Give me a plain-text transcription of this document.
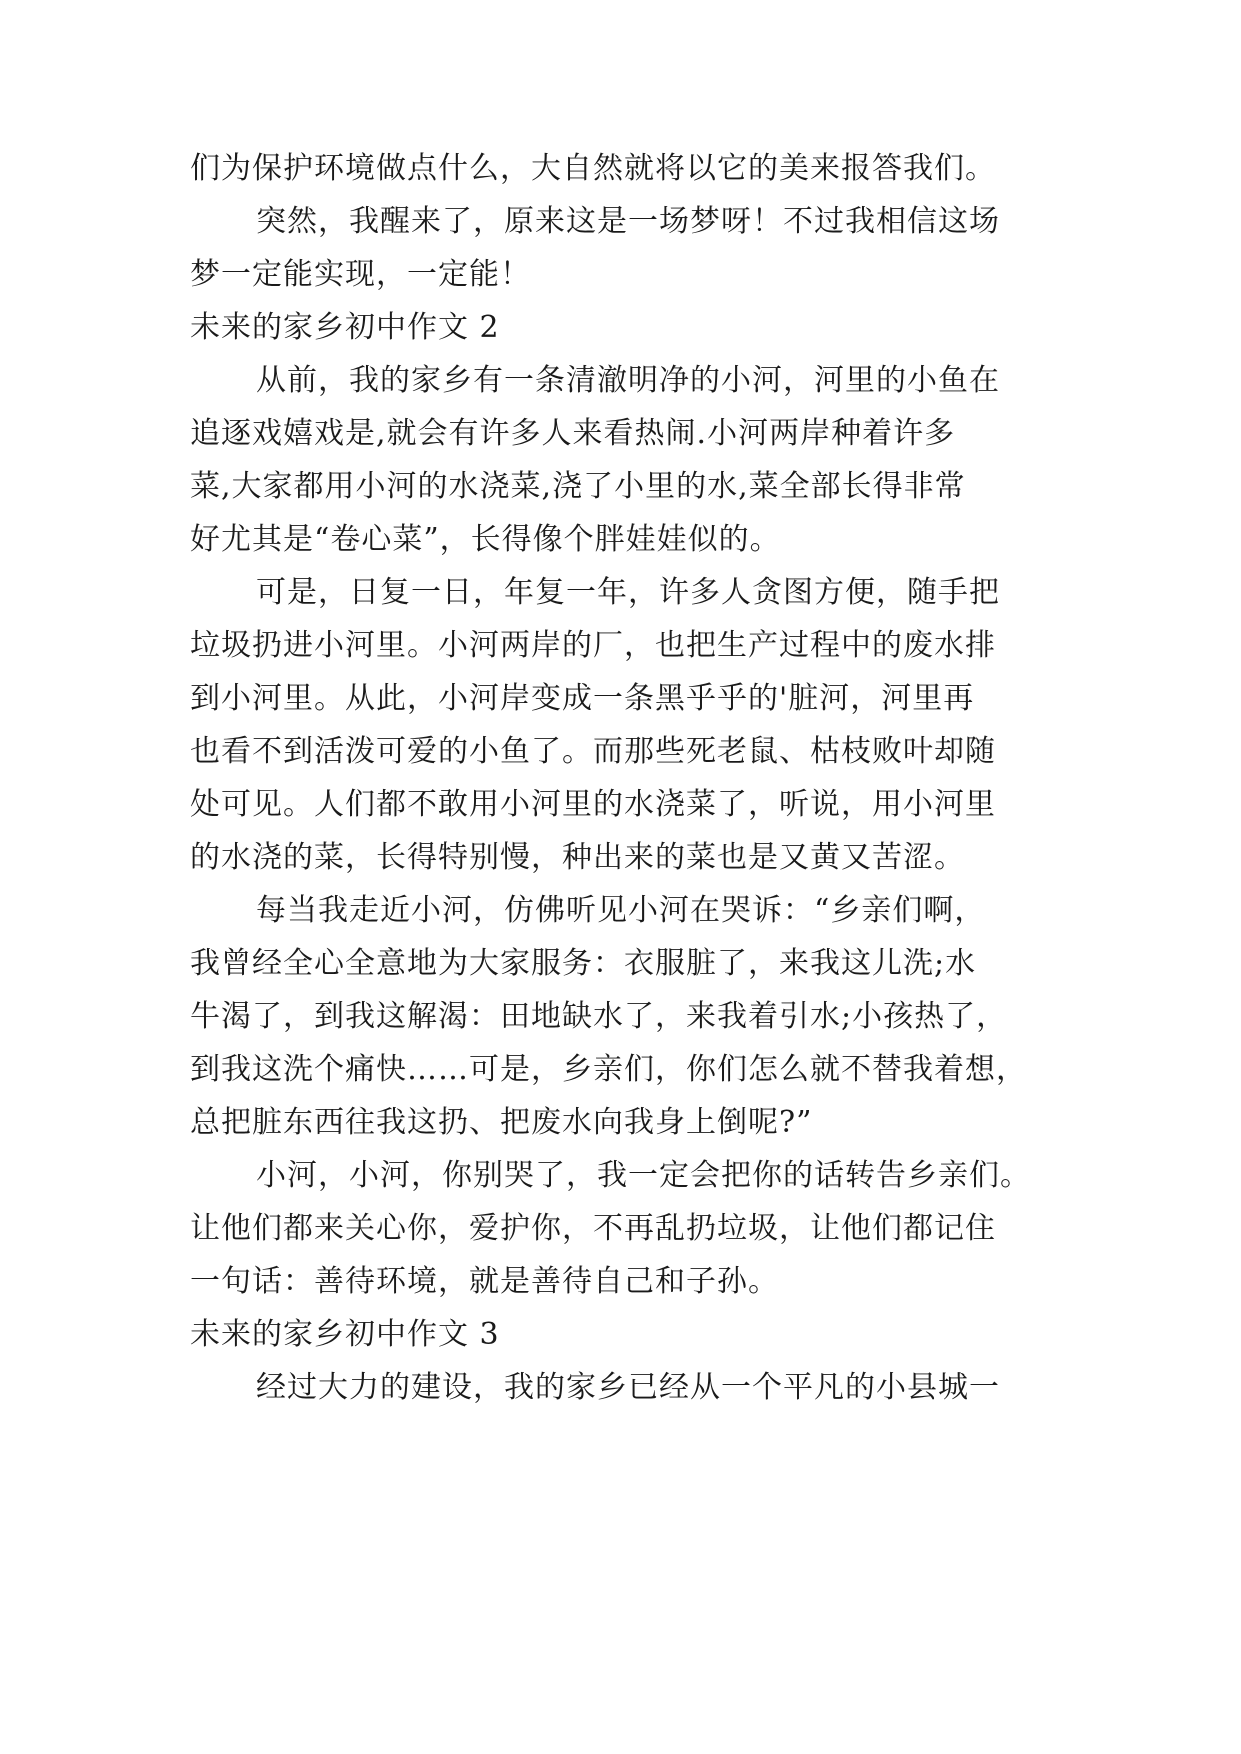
们为保护环境做点什么，大自然就将以它的美来报答我们。
突然，我醒来了，原来这是一场梦呀！不过我相信这场
梦一定能实现，一定能！
未来的家乡初中作文 2
从前，我的家乡有一条清澈明净的小河，河里的小鱼在
追逐戏嬉戏是,就会有许多人来看热闹.小河两岸种着许多
菜,大家都用小河的水浇菜,浇了小里的水,菜全部长得非常
好尤其是“卷心菜”，长得像个胖娃娃似的。
可是，日复一日，年复一年，许多人贪图方便，随手把
垃圾扔进小河里。小河两岸的厂，也把生产过程中的废水排
到小河里。从此，小河岸变成一条黑乎乎的'脏河，河里再
也看不到活泼可爱的小鱼了。而那些死老鼠、枯枝败叶却随
处可见。人们都不敢用小河里的水浇菜了，听说，用小河里
的水浇的菜，长得特别慢，种出来的菜也是又黄又苦涩。
每当我走近小河，仿佛听见小河在哭诉：“乡亲们啊，
我曾经全心全意地为大家服务：衣服脏了，来我这儿洗;水
牛渴了，到我这解渴：田地缺水了，来我着引水;小孩热了，
到我这洗个痛快……可是，乡亲们，你们怎么就不替我着想，
总把脏东西往我这扔、把废水向我身上倒呢?”
小河，小河，你别哭了，我一定会把你的话转告乡亲们。
让他们都来关心你，爱护你，不再乱扔垃圾，让他们都记住
一句话：善待环境，就是善待自己和子孙。
未来的家乡初中作文 3
经过大力的建设，我的家乡已经从一个平凡的小县城一
